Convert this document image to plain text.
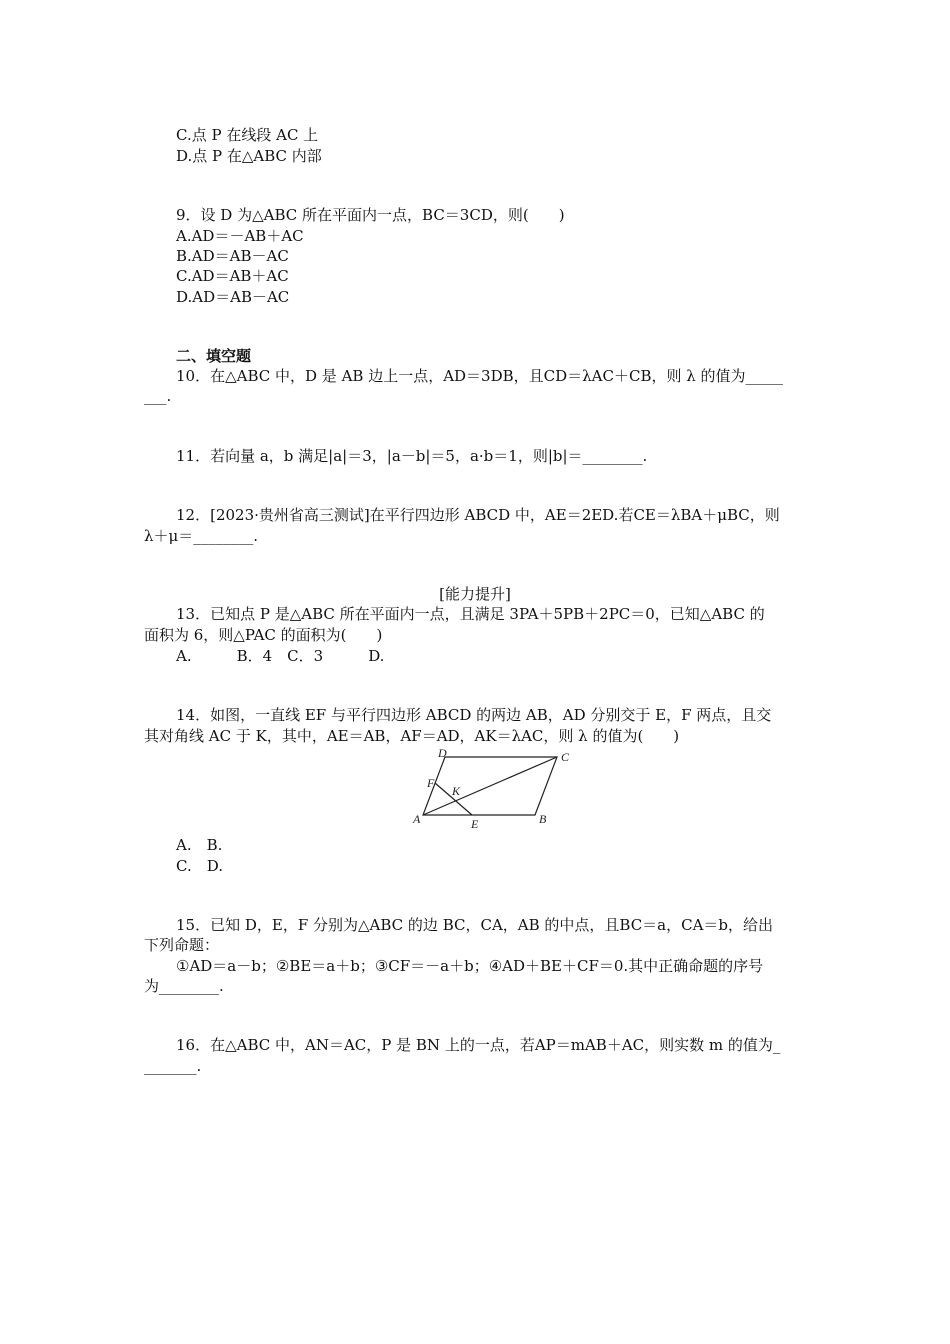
C.点 P 在线段 AC 上
D.点 P 在△ABC 内部
9．设 D 为△ABC 所在平面内一点，BC＝3CD，则(　　)
A.AD＝－AB＋AC
B.AD＝AB－AC
C.AD＝AB＋AC
D.AD＝AB－AC
二、填空题
10．在△ABC 中，D 是 AB 边上一点，AD＝3DB，且CD＝λAC＋CB，则 λ 的值为_____
___.
11．若向量 a，b 满足|a|＝3，|a－b|＝5，a·b＝1，则|b|＝________.
12．[2023·贵州省高三测试]在平行四边形 ABCD 中，AE＝2ED.若CE＝λBA＋μBC，则
λ＋μ＝________.
[能力提升]
13．已知点 P 是△ABC 所在平面内一点，且满足 3PA＋5PB＋2PC＝0，已知△ABC 的
面积为 6，则△PAC 的面积为(　　)
A.　　　B．4　C．3　　　D.
14．如图，一直线 EF 与平行四边形 ABCD 的两边 AB，AD 分别交于 E，F 两点，且交
其对角线 AC 于 K，其中，AE＝AB，AF＝AD，AK＝λAC，则 λ 的值为(　　)
A	B
C
D
E
F
K
A.　B.
C.　D.
15．已知 D，E，F 分别为△ABC 的边 BC，CA，AB 的中点，且BC＝a，CA＝b，给出
下列命题：
①AD＝a－b；②BE＝a＋b；③CF＝－a＋b；④AD＋BE＋CF＝0.其中正确命题的序号
为________.
16．在△ABC 中，AN＝AC，P 是 BN 上的一点，若AP＝mAB＋AC，则实数 m 的值为_
_______.
